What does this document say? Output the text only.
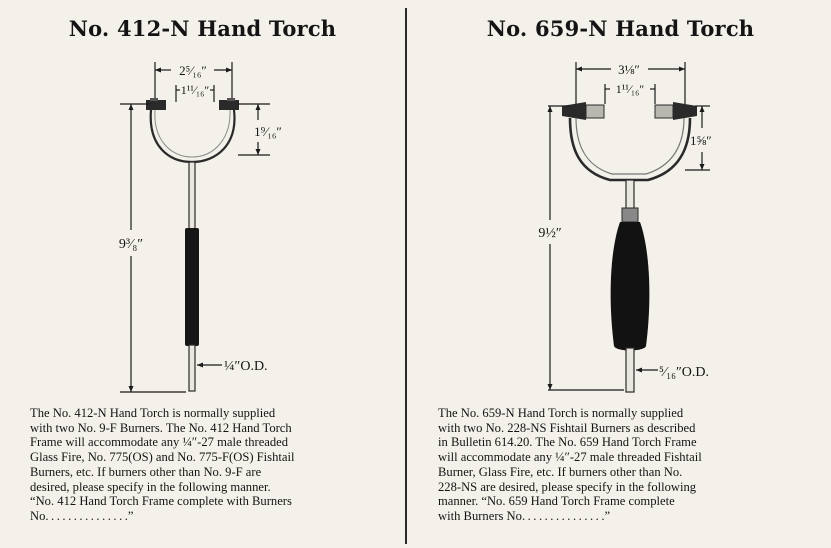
No. 412-N Hand Torch
2⁵⁄₁₆″
1¹¹⁄₁₆″
1⁹⁄₁₆″
9³⁄₈″
¼″O.D.
The No. 412-N Hand Torch is normally supplied
with two No. 9-F Burners. The No. 412 Hand Torch
Frame will accommodate any ¼″-27 male threaded
Glass Fire, No. 775(OS) and No. 775-F(OS) Fishtail
Burners, etc. If burners other than No. 9-F are
desired, please specify in the following manner.
“No. 412 Hand Torch Frame complete with Burners
No. . . . . . . . . . . . . . .”
No. 659-N Hand Torch
3⅛″
1¹¹⁄₁₆″
1⅝″
9½″
⁵⁄₁₆″O.D.
The No. 659-N Hand Torch is normally supplied
with two No. 228-NS Fishtail Burners as described
in Bulletin 614.20. The No. 659 Hand Torch Frame
will accommodate any ¼″-27 male threaded Fishtail
Burner, Glass Fire, etc. If burners other than No.
228-NS are desired, please specify in the following
manner. “No. 659 Hand Torch Frame complete
with Burners No. . . . . . . . . . . . . . .”
